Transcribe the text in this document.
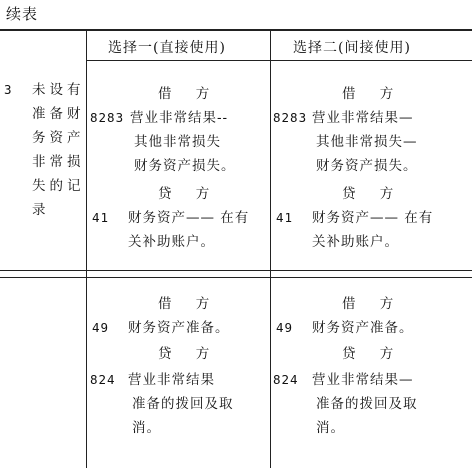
续表
选择一(直接使用)	选择二(间接使用)
3 未设有
准备财
务资产
非常损
失的记
录
借 方
8283 营业非常结果--
其他非常损失
财务资产损失。
贷 方
41 财务资产—— 在有
关补助账户。
借 方
8283 营业非常结果—
其他非常损失—
财务资产损失。
贷 方
41 财务资产—— 在有
关补助账户。
借 方
49 财务资产准备。
贷 方
824 营业非常结果
准备的拨回及取
消。
借 方
49 财务资产准备。
贷 方
824 营业非常结果—
准备的拨回及取
消。
